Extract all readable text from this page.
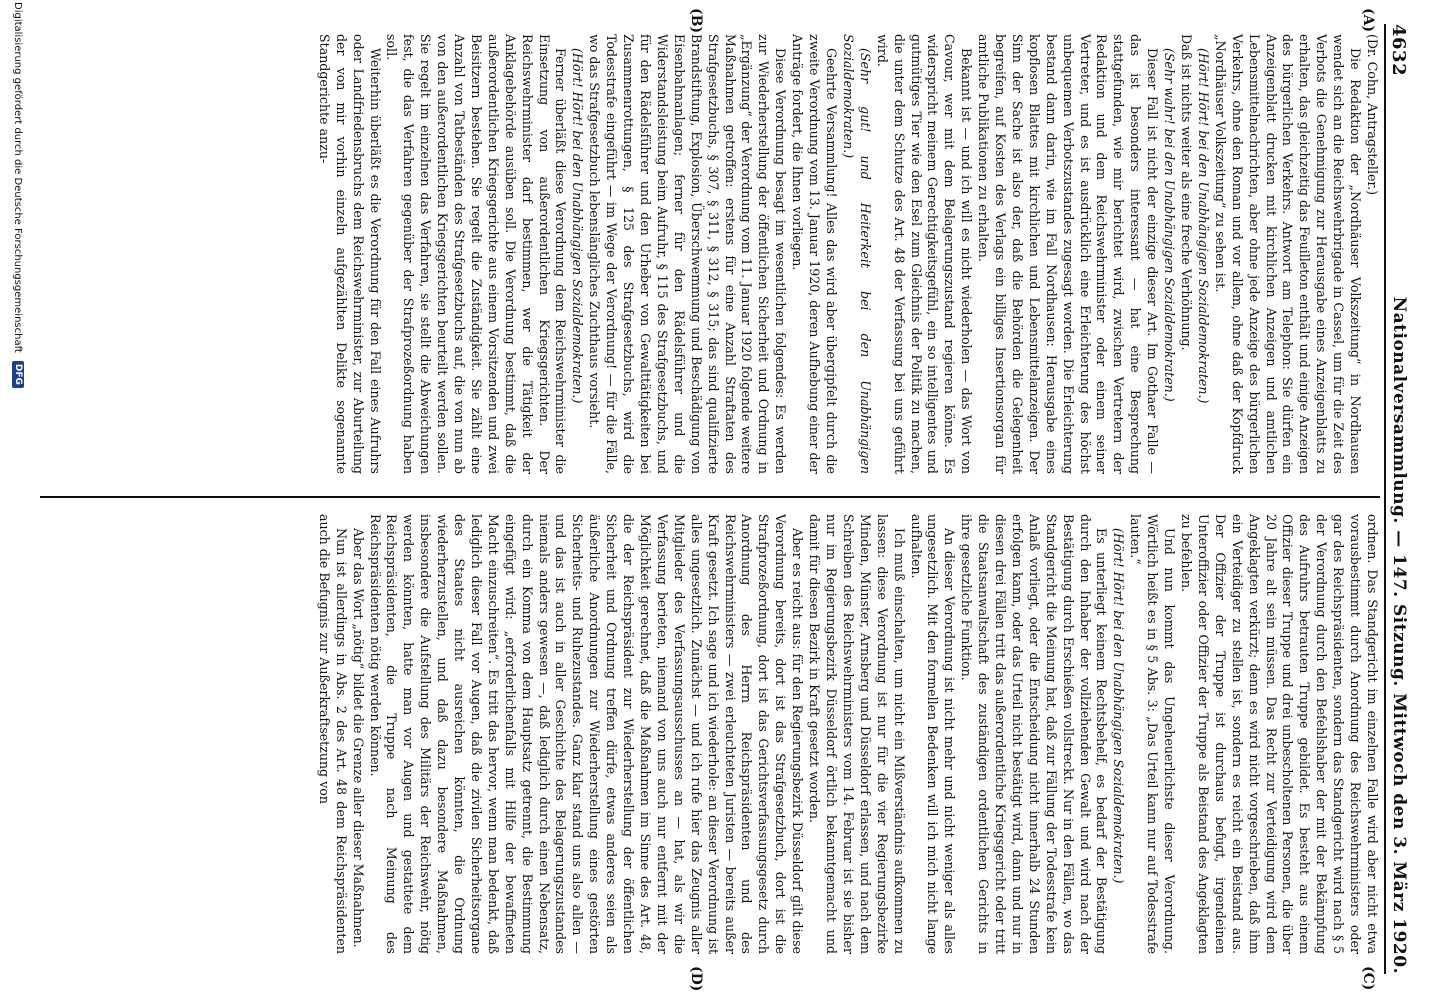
4632
Nationalversammlung. — 147. Sitzung. Mittwoch den 3. März 1920.
(A)
(B)
(C)
(D)

(Dr. Cohn, Antragsteller.)

Die Redaktion der „Nordhäuser Volkszeitung“ in Nordhausen wendet sich an die Reichswehrbrigade in Cassel, um für die Zeit des Verbots die Genehmigung zur Herausgabe eines Anzeigenblatts zu erhalten, das gleichzeitig das Feuilleton enthält und einige Anzeigen des bürgerlichen Verkehrs. Antwort am Telephon: Sie dürfen ein Anzeigenblatt drucken mit kirchlichen Anzeigen und amtlichen Lebensmittelnachrichten, aber ohne jede Anzeige des bürgerlichen Verkehrs, ohne den Roman und vor allem, ohne daß der Kopfdruck „Nordhäuser Volkszeitung“ zu sehen ist.

(Hört! Hört! bei den Unabhängigen Sozialdemokraten.)

Daß ist nichts weiter als eine freche Verhöhnung.

(Sehr wahr! bei den Unabhängigen Sozialdemokraten.)

Dieser Fall ist nicht der einzige dieser Art. Im Gothaer Falle — das ist besonders interessant — hat eine Besprechung stattgefunden, wie mir berichtet wird, zwischen Vertretern der Redaktion und dem Reichswehrminister oder einem seiner Vertreter, und es ist ausdrücklich eine Erleichterung des höchst unbequemen Verbotszustandes zugesagt worden. Die Erleichterung bestand dann darin, wie im Fall Nordhausen: Herausgabe eines kopflosen Blattes mit kirchlichen und Lebensmittelanzeigen. Der Sinn der Sache ist also der, daß die Behörden die Gelegenheit begreifen, auf Kosten des Verlags ein billiges Insertionsorgan für amtliche Publikationen zu erhalten.

Bekannt ist — und ich will es nicht wiederholen — das Wort von Cavour, wer mit dem Belagerungszustand regieren könne. Es widerspricht meinem Gerechtigkeitsgefühl, ein so intelligentes und gutmütiges Tier wie den Esel zum Gleichnis der Politik zu machen, die unter dem Schutze des Art. 48 der Verfassung bei uns geführt wird.

(Sehr gut! und Heiterkeit bei den Unabhängigen Sozialdemokraten.)

Geehrte Versammlung! Alles das wird aber übergipfelt durch die zweite Verordnung vom 13. Januar 1920, deren Aufhebung einer der Anträge fordert, die Ihnen vorliegen.

Diese Verordnung besagt im wesentlichen folgendes: Es werden zur Wiederherstellung der öffentlichen Sicherheit und Ordnung in „Ergänzung“ der Verordnung vom 11. Januar 1920 folgende weitere Maßnahmen getroffen: erstens für eine Anzahl Straftaten des Strafgesetzbuchs, § 307, § 311, § 312, § 315; das sind qualifizierte Brandstiftung, Explosion, Überschwemmung und Beschädigung von Eisenbahnanlagen; ferner für den Rädelsführer und die Widerstandsleistung beim Aufruhr, § 115 des Strafgesetzbuchs, und für den Rädelsführer und den Urheber von Gewalttätigkeiten bei Zusammenrottungen, § 125 des Strafgesetzbuchs, wird die Todesstrafe eingeführt — im Wege der Verordnung! — für die Fälle, wo das Strafgesetzbuch lebenslängliches Zuchthaus vorsieht.

(Hört! Hört! bei den Unabhängigen Sozialdemokraten.)

Ferner überläßt diese Verordnung dem Reichswehrminister die Einsetzung von außerordentlichen Kriegsgerichten. Der Reichswehrminister darf bestimmen, wer die Tätigkeit der Anklagebehörde ausüben soll. Die Verordnung bestimmt, daß die außerordentlichen Kriegsgerichte aus einem Vorsitzenden und zwei Beisitzern bestehen. Sie regelt die Zuständigkeit. Sie zählt eine Anzahl von Tatbeständen des Strafgesetzbuchs auf, die von nun ab von den außerordentlichen Kriegsgerichten beurteilt werden sollen. Sie regelt im einzelnen das Verfahren, sie stellt die Abweichungen fest, die das Verfahren gegenüber der Strafprozeßordnung haben soll.

Weiterhin überläßt es die Verordnung für den Fall eines Aufruhrs oder Landfriedensbruchs dem Reichswehrminister, zur Aburteilung der von mir vorhin einzeln aufgezählten Delikte sogenannte Standgerichte anzu-

ordnen. Das Standgericht im einzelnen Falle wird aber nicht etwa vorausbestimmt durch Anordnung des Reichswehrministers oder gar des Reichspräsidenten, sondern das Standgericht wird nach § 5 der Verordnung durch den Befehlshaber der mit der Bekämpfung des Aufruhrs betrauten Truppe gebildet. Es besteht aus einem Offizier dieser Truppe und drei unbescholtenen Personen, die über 20 Jahre alt sein müssen. Das Recht zur Verteidigung wird dem Angeklagten verkürzt; denn es wird nicht vorgeschrieben, daß ihm ein Verteidiger zu stellen ist, sondern es reicht ein Beistand aus. Der Offizier der Truppe ist durchaus befugt, irgendeinen Unteroffizier oder Offizier der Truppe als Beistand des Angeklagten zu befehlen.

Und nun kommt das Ungeheuerlichste dieser Verordnung. Wörtlich heißt es in § 5 Abs. 3: „Das Urteil kann nur auf Todesstrafe lauten.“

(Hört! Hört! bei den Unabhängigen Sozialdemokraten.)

Es unterliegt keinem Rechtsbehelf, es bedarf der Bestätigung durch den Inhaber der vollziehenden Gewalt und wird nach der Bestätigung durch Erschießen vollstreckt. Nur in den Fällen, wo das Standgericht die Meinung hat, daß zur Fällung der Todesstrafe kein Anlaß vorliegt, oder die Entscheidung nicht innerhalb 24 Stunden erfolgen kann, oder das Urteil nicht bestätigt wird, dann und nur in diesen drei Fällen tritt das außerordentliche Kriegsgericht oder tritt die Staatsanwaltschaft des zuständigen ordentlichen Gerichts in ihre gesetzliche Funktion.

An dieser Verordnung ist nicht mehr und nicht weniger als alles ungesetzlich. Mit den formellen Bedenken will ich mich nicht lange aufhalten.

Ich muß einschalten, um nicht ein Mißverständnis aufkommen zu lassen: diese Verordnung ist nur für die vier Regierungsbezirke Minden, Münster, Arnsberg und Düsseldorf erlassen, und nach dem Schreiben des Reichswehrministers vom 14. Februar ist sie bisher nur im Regierungsbezirk Düsseldorf örtlich bekanntgemacht und damit für diesen Bezirk in Kraft gesetzt worden.

Aber es reicht aus: für den Regierungsbezirk Düsseldorf gilt diese Verordnung bereits, dort ist das Strafgesetzbuch, dort ist die Strafprozeßordnung, dort ist das Gerichtsverfassungsgesetz durch Anordnung des Herrn Reichspräsidenten und des Reichswehrministers — zwei erleuchteten Juristen — bereits außer Kraft gesetzt. Ich sage und ich wiederhole: an dieser Verordnung ist alles ungesetzlich. Zunächst — und ich rufe hier das Zeugnis aller Mitglieder des Verfassungsausschusses an — hat, als wir die Verfassung berieten, niemand von uns auch nur entfernt mit der Möglichkeit gerechnet, daß die Maßnahmen im Sinne des Art. 48, die der Reichspräsident zur Wiederherstellung der öffentlichen Sicherheit und Ordnung treffen dürfe, etwas anderes seien als äußerliche Anordnungen zur Wiederherstellung eines gestörten Sicherheits- und Ruhezustandes. Ganz klar stand uns also allen — und das ist auch in aller Geschichte des Belagerungszustandes niemals anders gewesen —, daß lediglich durch einen Nebensatz, durch ein Komma von dem Hauptsatz getrennt, die Bestimmung eingefügt wird: „erforderlichenfalls mit Hilfe der bewaffneten Macht einzuschreiten“. Es tritt das hervor, wenn man bedenkt, daß lediglich dieser Fall vor Augen, daß die zivilen Sicherheitsorgane des Staates nicht ausreichen könnten, die Ordnung wiederherzustellen, und daß dazu besondere Maßnahmen, insbesondere die Aufstellung des Militärs der Reichswehr, nötig werden könnten, hatte man vor Augen und gestattete dem Reichspräsidenten, die Truppe nach Meinung des Reichspräsidenten nötig werden können.

Aber das Wort „nötig“ bildet die Grenze aller dieser Maßnahmen.

Nun ist allerdings in Abs. 2 des Art. 48 dem Reichspräsidenten auch die Befugnis zur Außerkraftsetzung von

Digitalisierung gefördert durch die Deutsche Forschungsgemeinschaft
DFG
